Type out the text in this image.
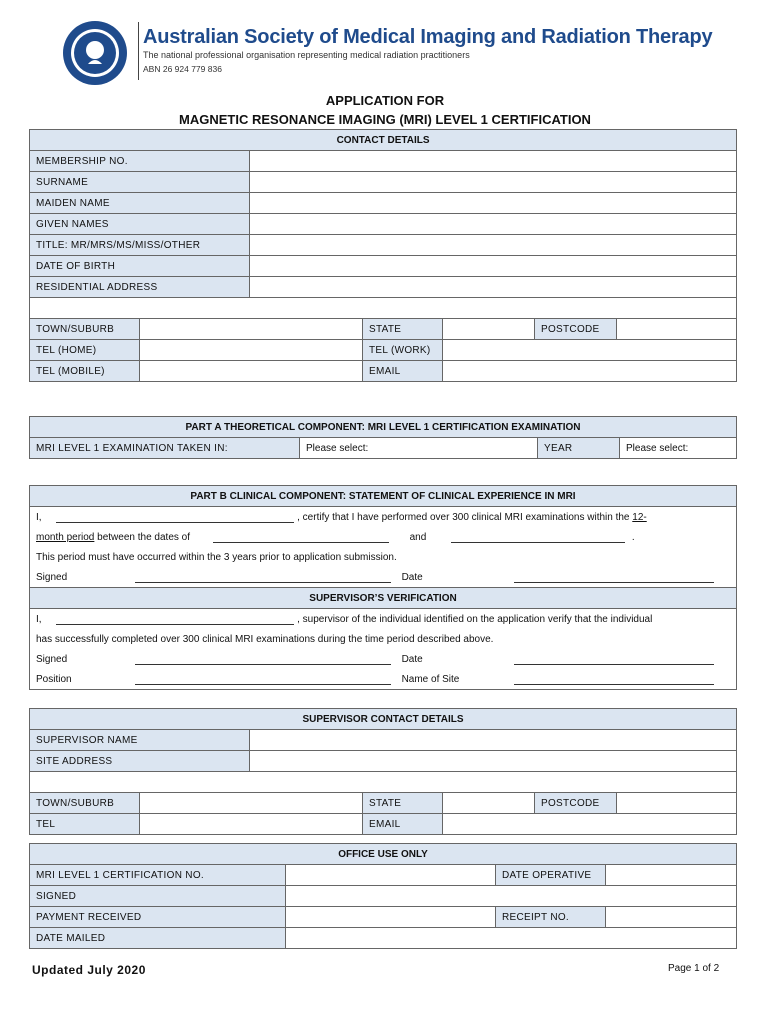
Australian Society of Medical Imaging and Radiation Therapy
The national professional organisation representing medical radiation practitioners
ABN 26 924 779 836
APPLICATION FOR
MAGNETIC RESONANCE IMAGING (MRI) LEVEL 1 CERTIFICATION
CONTACT DETAILS						
MEMBERSHIP NO.						
SURNAME						
MAIDEN NAME						
GIVEN NAMES						
TITLE: MR/MRS/MS/MISS/OTHER						
DATE OF BIRTH						
RESIDENTIAL ADDRESS						

TOWN/SUBURB			STATE		POSTCODE	
TEL (HOME)			TEL (WORK)			
TEL (MOBILE)			EMAIL			
PART A THEORETICAL COMPONENT: MRI LEVEL 1 CERTIFICATION EXAMINATION
MRI LEVEL 1 EXAMINATION TAKEN IN:	Please select:	YEAR	Please select:
PART B CLINICAL COMPONENT: STATEMENT OF CLINICAL EXPERIENCE IN MRI
I,	, certify that I have performed over 300 clinical MRI examinations within the 12-
month period between the dates of	and	.
This period must have occurred within the 3 years prior to application submission.
Signed	Date
SUPERVISOR’S VERIFICATION
I,	, supervisor of the individual identified on the application verify that the individual
has successfully completed over 300 clinical MRI examinations during the time period described above.
Signed	Date
Position	Name of Site
SUPERVISOR CONTACT DETAILS						
SUPERVISOR NAME						
SITE ADDRESS						

TOWN/SUBURB			STATE		POSTCODE	
TEL			EMAIL			
OFFICE USE ONLY			
MRI LEVEL 1 CERTIFICATION NO.		DATE OPERATIVE	
SIGNED			
PAYMENT RECEIVED		RECEIPT NO.	
DATE MAILED			
Updated July 2020	Page 1 of 2
